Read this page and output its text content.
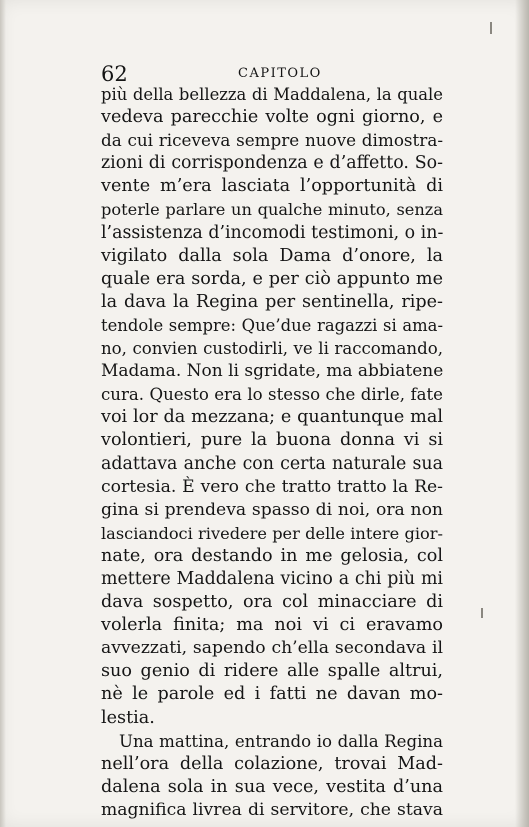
62	CAPITOLO
più della bellezza di Maddalena, la quale
vedeva parecchie volte ogni giorno, e
da cui riceveva sempre nuove dimostra-
zioni di corrispondenza e d’affetto. So-
vente m’era lasciata l’opportunità di
poterle parlare un qualche minuto, senza
l’assistenza d’incomodi testimoni, o in-
vigilato dalla sola Dama d’onore, la
quale era sorda, e per ciò appunto me
la dava la Regina per sentinella, ripe-
tendole sempre: Que’due ragazzi si ama-
no, convien custodirli, ve li raccomando,
Madama. Non li sgridate, ma abbiatene
cura. Questo era lo stesso che dirle, fate
voi lor da mezzana; e quantunque mal
volontieri, pure la buona donna vi si
adattava anche con certa naturale sua
cortesia. È vero che tratto tratto la Re-
gina si prendeva spasso di noi, ora non
lasciandoci rivedere per delle intere gior-
nate, ora destando in me gelosia, col
mettere Maddalena vicino a chi più mi
dava sospetto, ora col minacciare di
volerla finita; ma noi vi ci eravamo
avvezzati, sapendo ch’ella secondava il
suo genio di ridere alle spalle altrui,
nè le parole ed i fatti ne davan mo-
lestia.
Una mattina, entrando io dalla Regina
nell’ora della colazione, trovai Mad-
dalena sola in sua vece, vestita d’una
magnifica livrea di servitore, che stava
